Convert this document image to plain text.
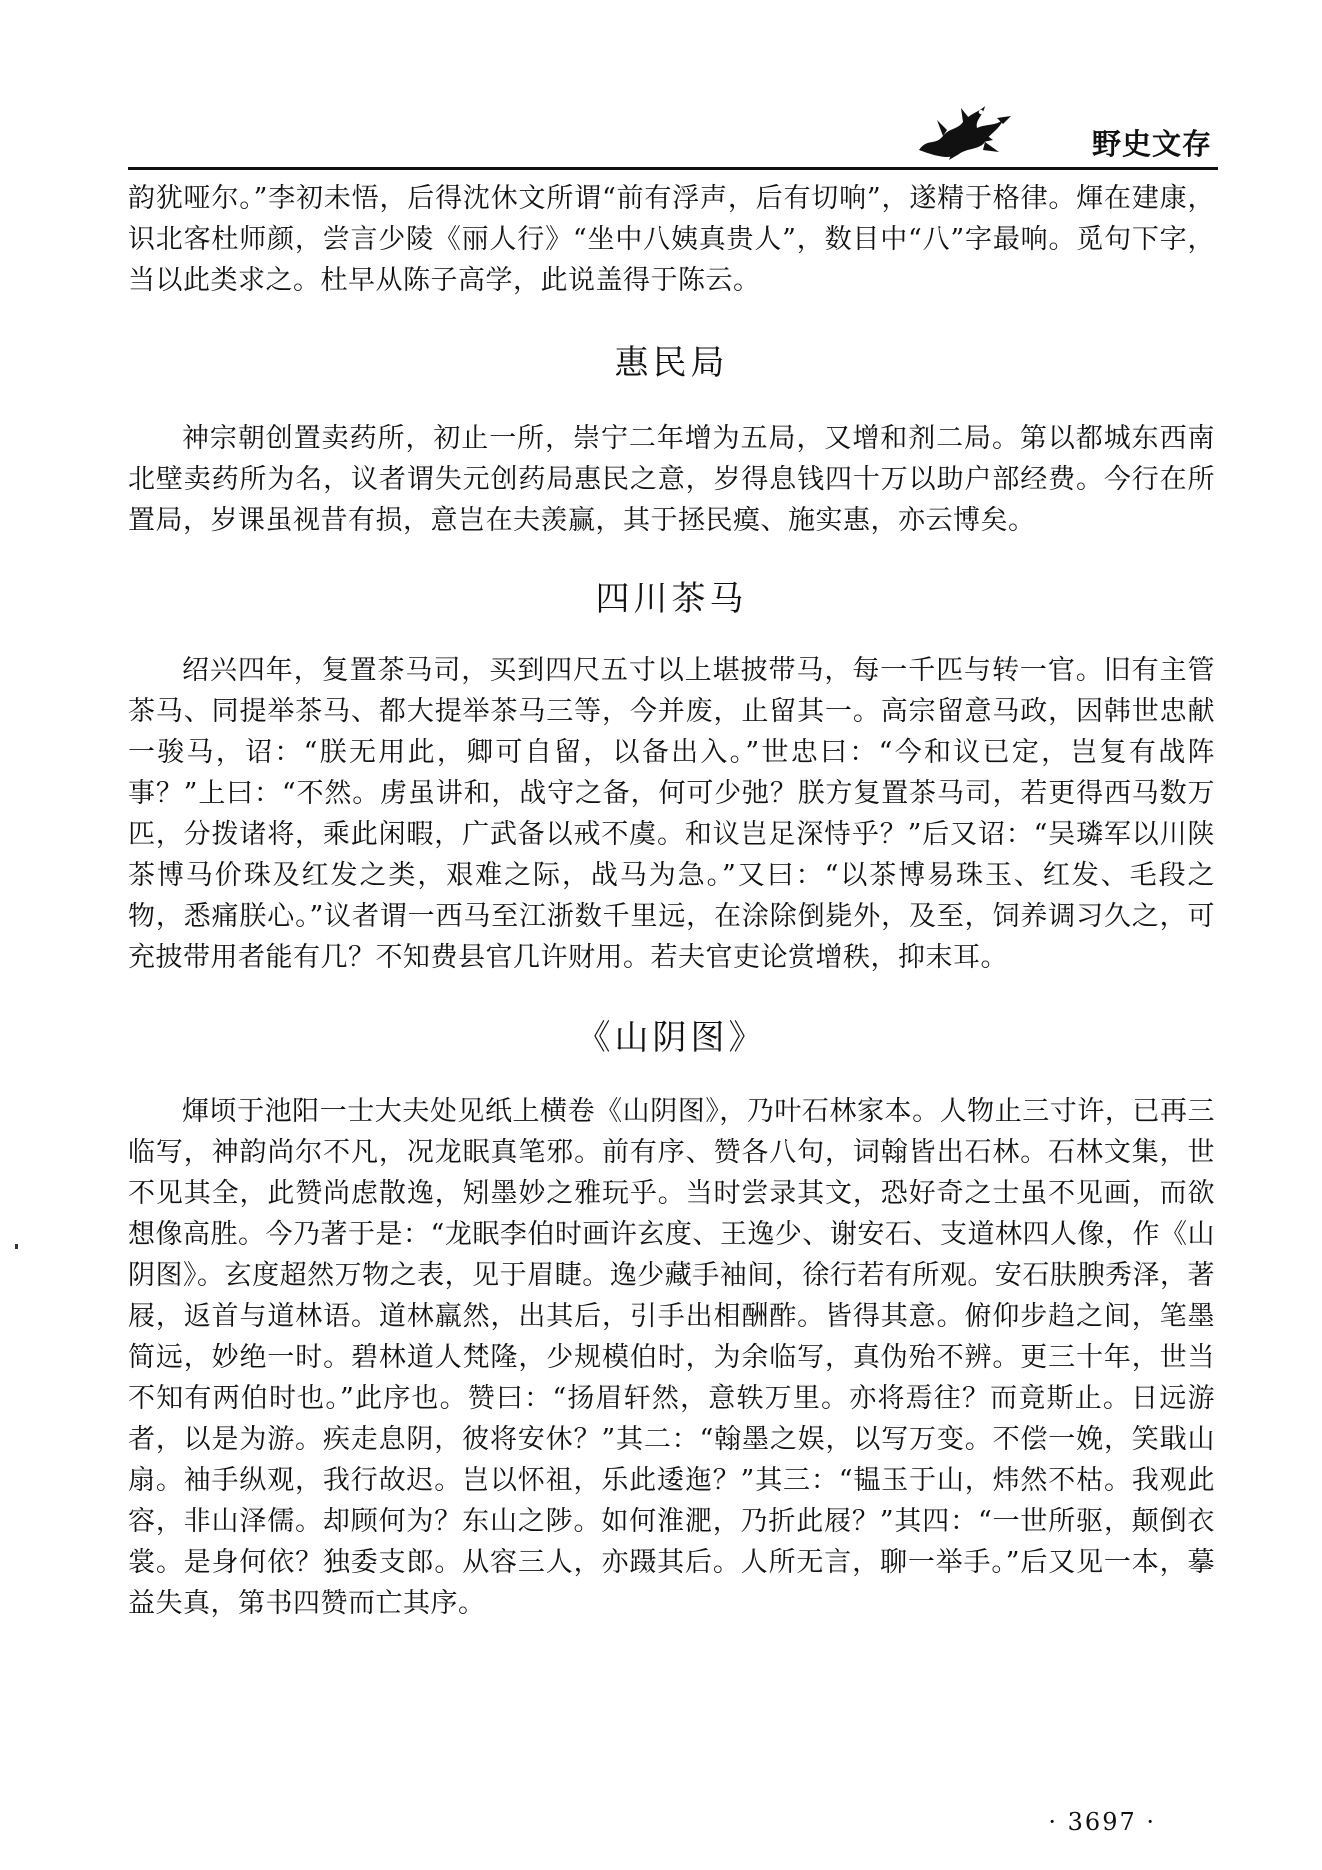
野史文存

韵犹哑尔。”李初未悟，后得沈休文所谓“前有浮声，后有切响”，遂精于格律。煇在建康，识北客杜师颜，尝言少陵《丽人行》“坐中八姨真贵人”，数目中“八”字最响。觅句下字，当以此类求之。杜早从陈子高学，此说盖得于陈云。

惠民局

神宗朝创置卖药所，初止一所，崇宁二年增为五局，又增和剂二局。第以都城东西南北壁卖药所为名，议者谓失元创药局惠民之意，岁得息钱四十万以助户部经费。今行在所置局，岁课虽视昔有损，意岂在夫羡赢，其于拯民瘼、施实惠，亦云博矣。

四川茶马

绍兴四年，复置茶马司，买到四尺五寸以上堪披带马，每一千匹与转一官。旧有主管茶马、同提举茶马、都大提举茶马三等，今并废，止留其一。高宗留意马政，因韩世忠献一骏马，诏：“朕无用此，卿可自留，以备出入。”世忠曰：“今和议已定，岂复有战阵事？”上曰：“不然。虏虽讲和，战守之备，何可少弛？朕方复置茶马司，若更得西马数万匹，分拨诸将，乘此闲暇，广武备以戒不虞。和议岂足深恃乎？”后又诏：“吴璘军以川陕茶博马价珠及红发之类，艰难之际，战马为急。”又曰：“以茶博易珠玉、红发、毛段之物，悉痛朕心。”议者谓一西马至江浙数千里远，在涂除倒毙外，及至，饲养调习久之，可充披带用者能有几？不知费县官几许财用。若夫官吏论赏增秩，抑末耳。

《山阴图》

煇顷于池阳一士大夫处见纸上横卷《山阴图》，乃叶石林家本。人物止三寸许，已再三临写，神韵尚尔不凡，况龙眠真笔邪。前有序、赞各八句，词翰皆出石林。石林文集，世不见其全，此赞尚虑散逸，矧墨妙之雅玩乎。当时尝录其文，恐好奇之士虽不见画，而欲想像高胜。今乃著于是：“龙眠李伯时画许玄度、王逸少、谢安石、支道林四人像，作《山阴图》。玄度超然万物之表，见于眉睫。逸少藏手袖间，徐行若有所观。安石肤腴秀泽，著屐，返首与道林语。道林羸然，出其后，引手出相酬酢。皆得其意。俯仰步趋之间，笔墨简远，妙绝一时。碧林道人梵隆，少规模伯时，为余临写，真伪殆不辨。更三十年，世当不知有两伯时也。”此序也。赞曰：“扬眉轩然，意轶万里。亦将焉往？而竟斯止。日远游者，以是为游。疾走息阴，彼将安休？”其二：“翰墨之娱，以写万变。不偿一娩，笑戢山扇。袖手纵观，我行故迟。岂以怀祖，乐此逶迤？”其三：“韫玉于山，炜然不枯。我观此容，非山泽儒。却顾何为？东山之陟。如何淮淝，乃折此屐？”其四：“一世所驱，颠倒衣裳。是身何依？独委支郎。从容三人，亦蹑其后。人所无言，聊一举手。”后又见一本，摹益失真，第书四赞而亡其序。

· 3697 ·
